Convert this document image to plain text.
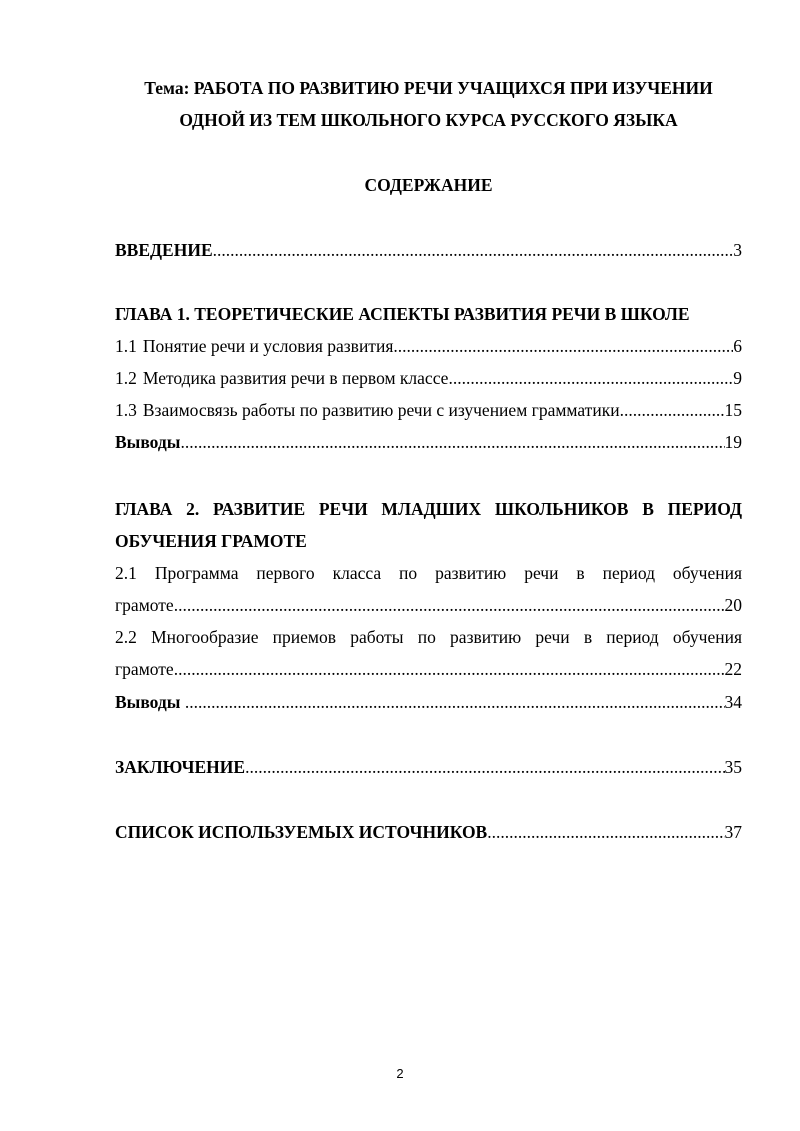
Тема: РАБОТА ПО РАЗВИТИЮ РЕЧИ УЧАЩИХСЯ ПРИ ИЗУЧЕНИИ
ОДНОЙ ИЗ ТЕМ ШКОЛЬНОГО КУРСА РУССКОГО ЯЗЫКА
СОДЕРЖАНИЕ
ВВЕДЕНИЕ .....	3
ГЛАВА 1. ТЕОРЕТИЧЕСКИЕ АСПЕКТЫ РАЗВИТИЯ РЕЧИ В ШКОЛЕ
1.1 Понятие речи и условия развития .....	6
1.2 Методика развития речи в первом классе .....	9
1.3 Взаимосвязь работы по развитию речи с изучением грамматики .....	15
Выводы .....	19
ГЛАВА 2. РАЗВИТИЕ РЕЧИ МЛАДШИХ ШКОЛЬНИКОВ В ПЕРИОД
ОБУЧЕНИЯ ГРАМОТЕ
2.1 Программа первого класса по развитию речи в период обучения
грамоте .....	20
2.2 Многообразие приемов работы по развитию речи в период обучения
грамоте .....	22
Выводы .....	34
ЗАКЛЮЧЕНИЕ .....	35
СПИСОК ИСПОЛЬЗУЕМЫХ ИСТОЧНИКОВ .....	37
2
